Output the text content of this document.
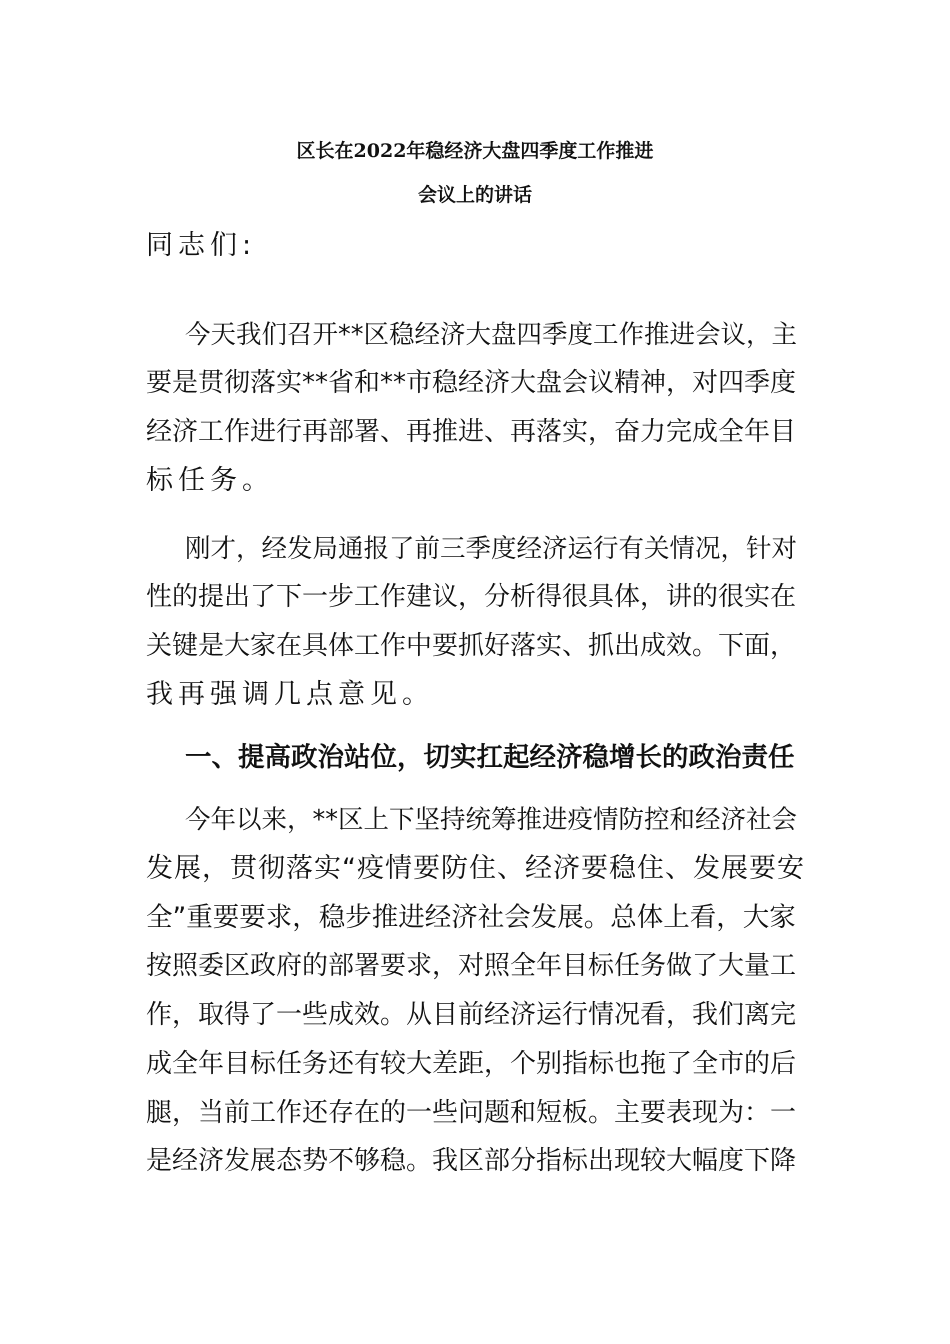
区长在2022年稳经济大盘四季度工作推进
会议上的讲话
同志们:
今天我们召开**区稳经济大盘四季度工作推进会议，主
要是贯彻落实**省和**市稳经济大盘会议精神，对四季度
经济工作进行再部署、再推进、再落实，奋力完成全年目
标任务。
刚才，经发局通报了前三季度经济运行有关情况，针对
性的提出了下一步工作建议，分析得很具体，讲的很实在
关键是大家在具体工作中要抓好落实、抓出成效。下面，
我再强调几点意见。
一、提高政治站位，切实扛起经济稳增长的政治责任
今年以来，**区上下坚持统筹推进疫情防控和经济社会
发展，贯彻落实“疫情要防住、经济要稳住、发展要安
全”重要要求，稳步推进经济社会发展。总体上看，大家
按照委区政府的部署要求，对照全年目标任务做了大量工
作，取得了一些成效。从目前经济运行情况看，我们离完
成全年目标任务还有较大差距，个别指标也拖了全市的后
腿，当前工作还存在的一些问题和短板。主要表现为：一
是经济发展态势不够稳。我区部分指标出现较大幅度下降
